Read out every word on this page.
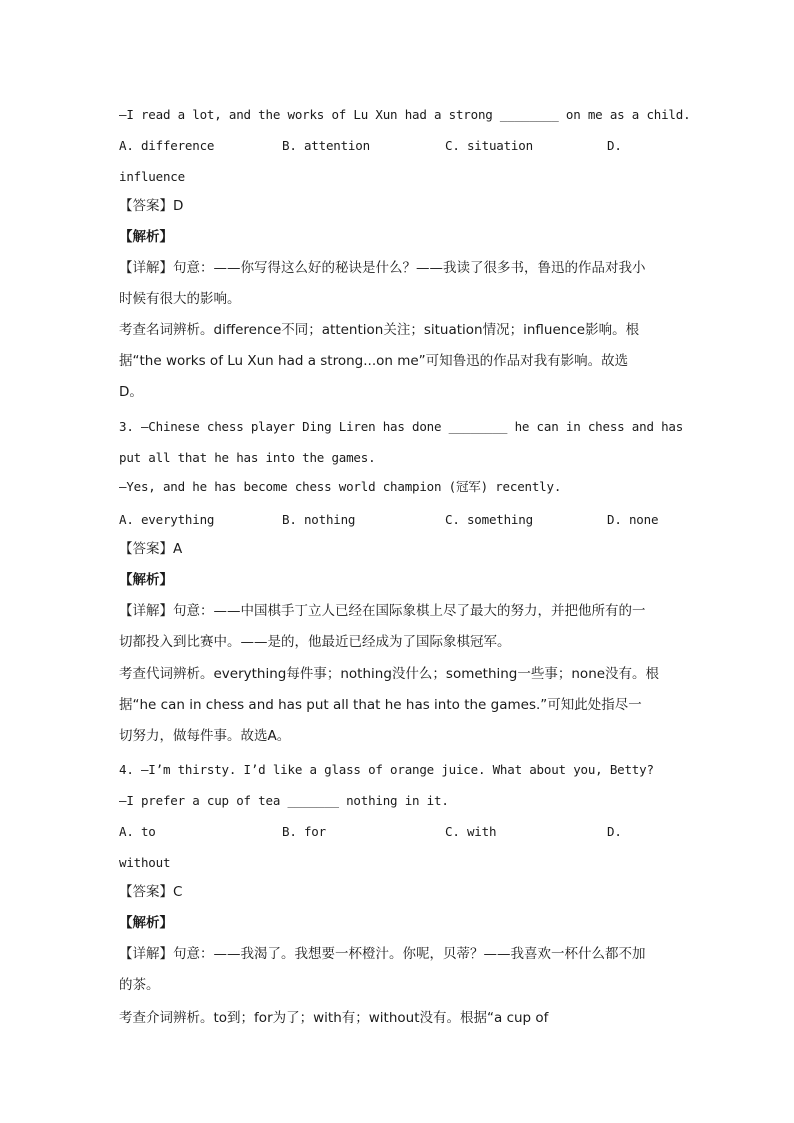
—I read a lot, and the works of Lu Xun had a strong ________ on me as a child.
A. difference	B. attention	C. situation	D.
influence
【答案】D
【解析】
【详解】句意：——你写得这么好的秘诀是什么？——我读了很多书，鲁迅的作品对我小
时候有很大的影响。
考查名词辨析。difference不同；attention关注；situation情况；influence影响。根
据“the works of Lu Xun had a strong...on me”可知鲁迅的作品对我有影响。故选
D。
3. —Chinese chess player Ding Liren has done ________ he can in chess and has
put all that he has into the games.
—Yes, and he has become chess world champion (冠军) recently.
A. everything	B. nothing	C. something	D. none
【答案】A
【解析】
【详解】句意：——中国棋手丁立人已经在国际象棋上尽了最大的努力，并把他所有的一
切都投入到比赛中。——是的，他最近已经成为了国际象棋冠军。
考查代词辨析。everything每件事；nothing没什么；something一些事；none没有。根
据“he can in chess and has put all that he has into the games.”可知此处指尽一
切努力，做每件事。故选A。
4. —I’m thirsty. I’d like a glass of orange juice. What about you, Betty?
—I prefer a cup of tea _______ nothing in it.
A. to	B. for	C. with	D.
without
【答案】C
【解析】
【详解】句意：——我渴了。我想要一杯橙汁。你呢，贝蒂？——我喜欢一杯什么都不加
的茶。
考查介词辨析。to到；for为了；with有；without没有。根据“a cup of
